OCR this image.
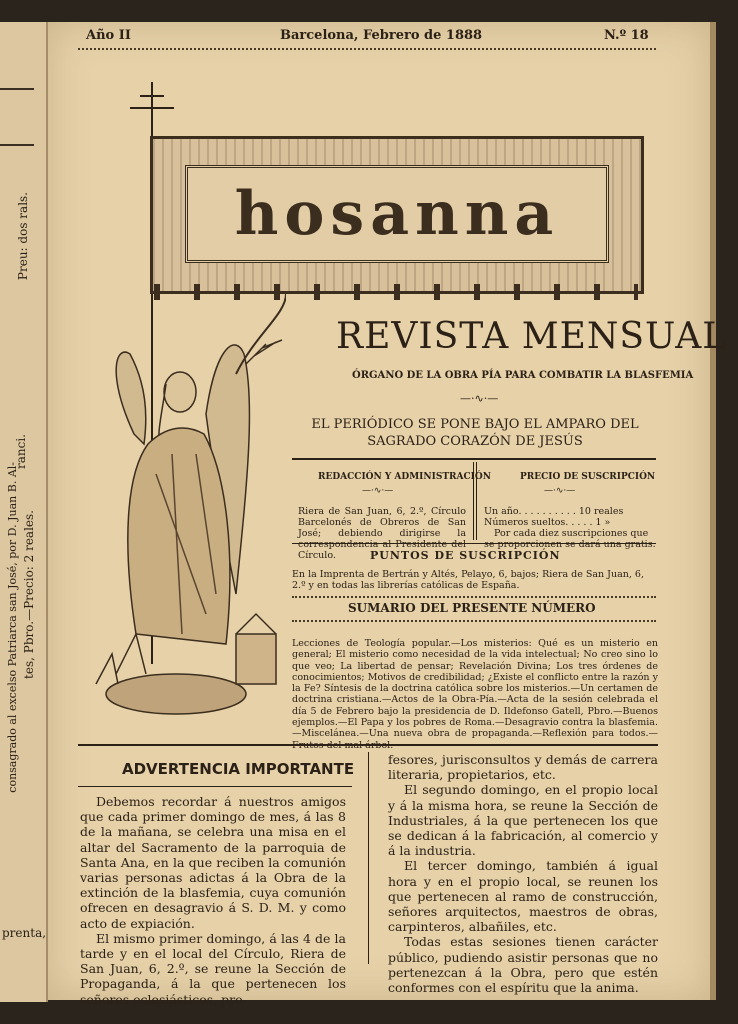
Preu: dos rals.
ranci.
tes, Pbro.—Precio: 2 reales.
consagrado al excelso Patriarca san José, por D. Juan B. Al-
prenta,
Año II	Barcelona, Febrero de 1888	N.º 18
hosanna
REVISTA MENSUAL
ÓRGANO DE LA OBRA PÍA PARA COMBATIR LA BLASFEMIA
—·∿·—
EL PERIÓDICO SE PONE BAJO EL AMPARO DEL SAGRADO CORAZÓN DE JESÚS
REDACCIÓN Y ADMINISTRACIÓN
—·∿·—
Riera de San Juan, 6, 2.º, Círculo Barcelonés de Obreros de San José; debiendo dirigirse la correspondencia al Presidente del Círculo.
PRECIO DE SUSCRIPCIÓN
—·∿·—
Un año. . . . . . . . . . 10 reales
Números sueltos. . . . . 1 »
Por cada diez suscripciones que se proporcionen se dará una gratis.
PUNTOS DE SUSCRIPCIÓN
En la Imprenta de Bertrán y Altés, Pelayo, 6, bajos; Riera de San Juan, 6, 2.º y en todas las librerías católicas de España.
SUMARIO DEL PRESENTE NÚMERO
Lecciones de Teología popular.—Los misterios: Qué es un misterio en general; El misterio como necesidad de la vida intelectual; No creo sino lo que veo; La libertad de pensar; Revelación Divina; Los tres órdenes de conocimientos; Motivos de credibilidad; ¿Existe el conflicto entre la razón y la Fe? Síntesis de la doctrina católica sobre los misterios.—Un certamen de doctrina cristiana.—Actos de la Obra-Pía.—Acta de la sesión celebrada el día 5 de Febrero bajo la presidencia de D. Ildefonso Gatell, Pbro.—Buenos ejemplos.—El Papa y los pobres de Roma.—Desagravio contra la blasfemia.—Miscelánea.—Una nueva obra de propaganda.—Reflexión para todos.—Frutos del mal árbol.
ADVERTENCIA IMPORTANTE

Debemos recordar á nuestros amigos que cada primer domingo de mes, á las 8 de la mañana, se celebra una misa en el altar del Sacramento de la parroquia de Santa Ana, en la que reciben la comunión varias personas adictas á la Obra de la extinción de la blasfemia, cuya comunión ofrecen en desagravio á S. D. M. y como acto de expiación.

El mismo primer domingo, á las 4 de la tarde y en el local del Círculo, Riera de San Juan, 6, 2.º, se reune la Sección de Propaganda, á la que pertenecen los señores eclesiásticos, pro-

fesores, jurisconsultos y demás de carrera literaria, propietarios, etc.

El segundo domingo, en el propio local y á la misma hora, se reune la Sección de Industriales, á la que pertenecen los que se dedican á la fabricación, al comercio y á la industria.

El tercer domingo, también á igual hora y en el propio local, se reunen los que pertenecen al ramo de construcción, señores arquitectos, maestros de obras, carpinteros, albañiles, etc.

Todas estas sesiones tienen carácter público, pudiendo asistir personas que no pertenezcan á la Obra, pero que estén conformes con el espíritu que la anima.
